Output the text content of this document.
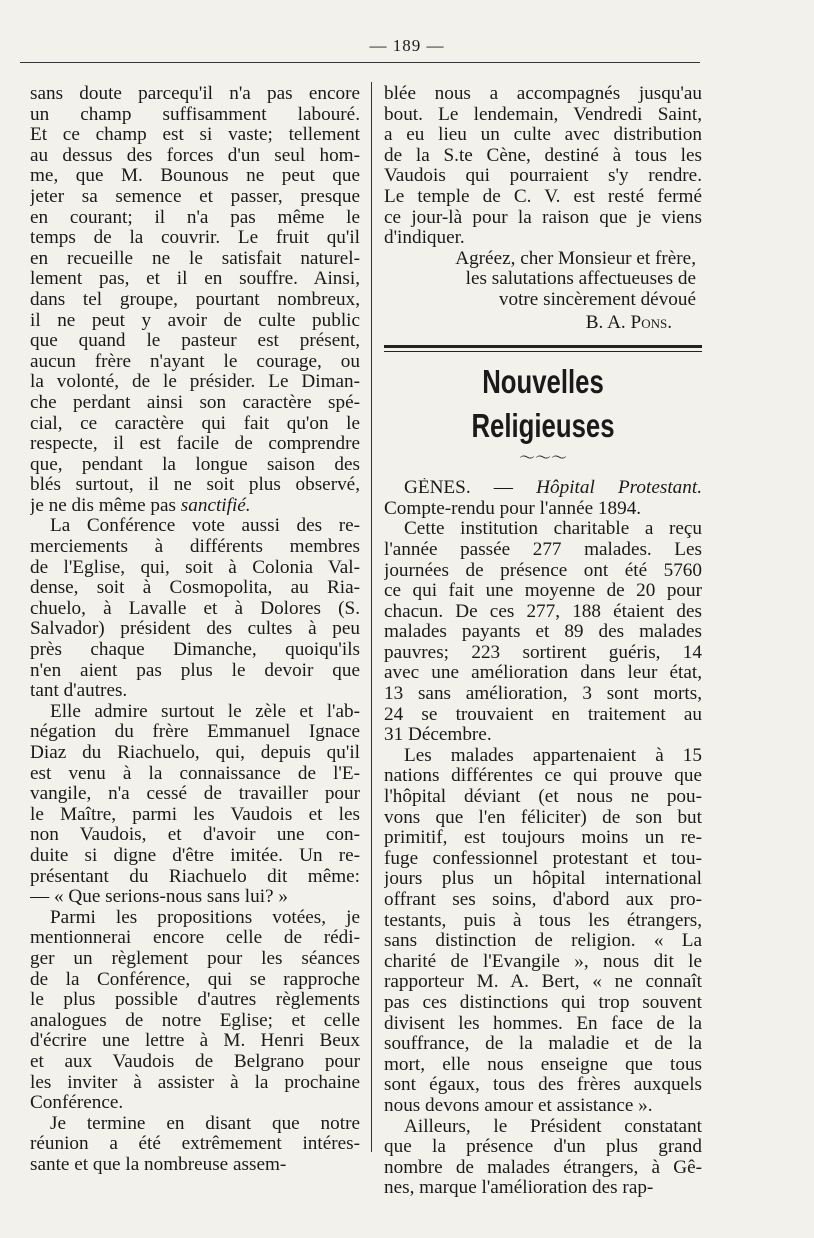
— 189 —
sans doute parcequ'il n'a pas encore
un champ suffisamment labouré.
Et ce champ est si vaste; tellement
au dessus des forces d'un seul hom-
me, que M. Bounous ne peut que
jeter sa semence et passer, presque
en courant; il n'a pas même le
temps de la couvrir. Le fruit qu'il
en recueille ne le satisfait naturel-
lement pas, et il en souffre. Ainsi,
dans tel groupe, pourtant nombreux,
il ne peut y avoir de culte public
que quand le pasteur est présent,
aucun frère n'ayant le courage, ou
la volonté, de le présider. Le Diman-
che perdant ainsi son caractère spé-
cial, ce caractère qui fait qu'on le
respecte, il est facile de comprendre
que, pendant la longue saison des
blés surtout, il ne soit plus observé,
je ne dis même pas sanctifié.
La Conférence vote aussi des re-
merciements à différents membres
de l'Eglise, qui, soit à Colonia Val-
dense, soit à Cosmopolita, au Ria-
chuelo, à Lavalle et à Dolores (S.
Salvador) président des cultes à peu
près chaque Dimanche, quoiqu'ils
n'en aient pas plus le devoir que
tant d'autres.
Elle admire surtout le zèle et l'ab-
négation du frère Emmanuel Ignace
Diaz du Riachuelo, qui, depuis qu'il
est venu à la connaissance de l'E-
vangile, n'a cessé de travailler pour
le Maître, parmi les Vaudois et les
non Vaudois, et d'avoir une con-
duite si digne d'être imitée. Un re-
présentant du Riachuelo dit même:
— « Que serions-nous sans lui? »
Parmi les propositions votées, je
mentionnerai encore celle de rédi-
ger un règlement pour les séances
de la Conférence, qui se rapproche
le plus possible d'autres règlements
analogues de notre Eglise; et celle
d'écrire une lettre à M. Henri Beux
et aux Vaudois de Belgrano pour
les inviter à assister à la prochaine
Conférence.
Je termine en disant que notre
réunion a été extrêmement intéres-
sante et que la nombreuse assem-
blée nous a accompagnés jusqu'au
bout. Le lendemain, Vendredi Saint,
a eu lieu un culte avec distribution
de la S.te Cène, destiné à tous les
Vaudois qui pourraient s'y rendre.
Le temple de C. V. est resté fermé
ce jour-là pour la raison que je viens
d'indiquer.
Agréez, cher Monsieur et frère,
les salutations affectueuses de
votre sincèrement dévoué
B. A. Pons.
Nouvelles Religieuses
〜〜〜
GÈNES. — Hôpital Protestant.
Compte-rendu pour l'année 1894.
Cette institution charitable a reçu
l'année passée 277 malades. Les
journées de présence ont été 5760
ce qui fait une moyenne de 20 pour
chacun. De ces 277, 188 étaient des
malades payants et 89 des malades
pauvres; 223 sortirent guéris, 14
avec une amélioration dans leur état,
13 sans amélioration, 3 sont morts,
24 se trouvaient en traitement au
31 Décembre.
Les malades appartenaient à 15
nations différentes ce qui prouve que
l'hôpital déviant (et nous ne pou-
vons que l'en féliciter) de son but
primitif, est toujours moins un re-
fuge confessionnel protestant et tou-
jours plus un hôpital international
offrant ses soins, d'abord aux pro-
testants, puis à tous les étrangers,
sans distinction de religion. « La
charité de l'Evangile », nous dit le
rapporteur M. A. Bert, « ne connaît
pas ces distinctions qui trop souvent
divisent les hommes. En face de la
souffrance, de la maladie et de la
mort, elle nous enseigne que tous
sont égaux, tous des frères auxquels
nous devons amour et assistance ».
Ailleurs, le Président constatant
que la présence d'un plus grand
nombre de malades étrangers, à Gê-
nes, marque l'amélioration des rap-
